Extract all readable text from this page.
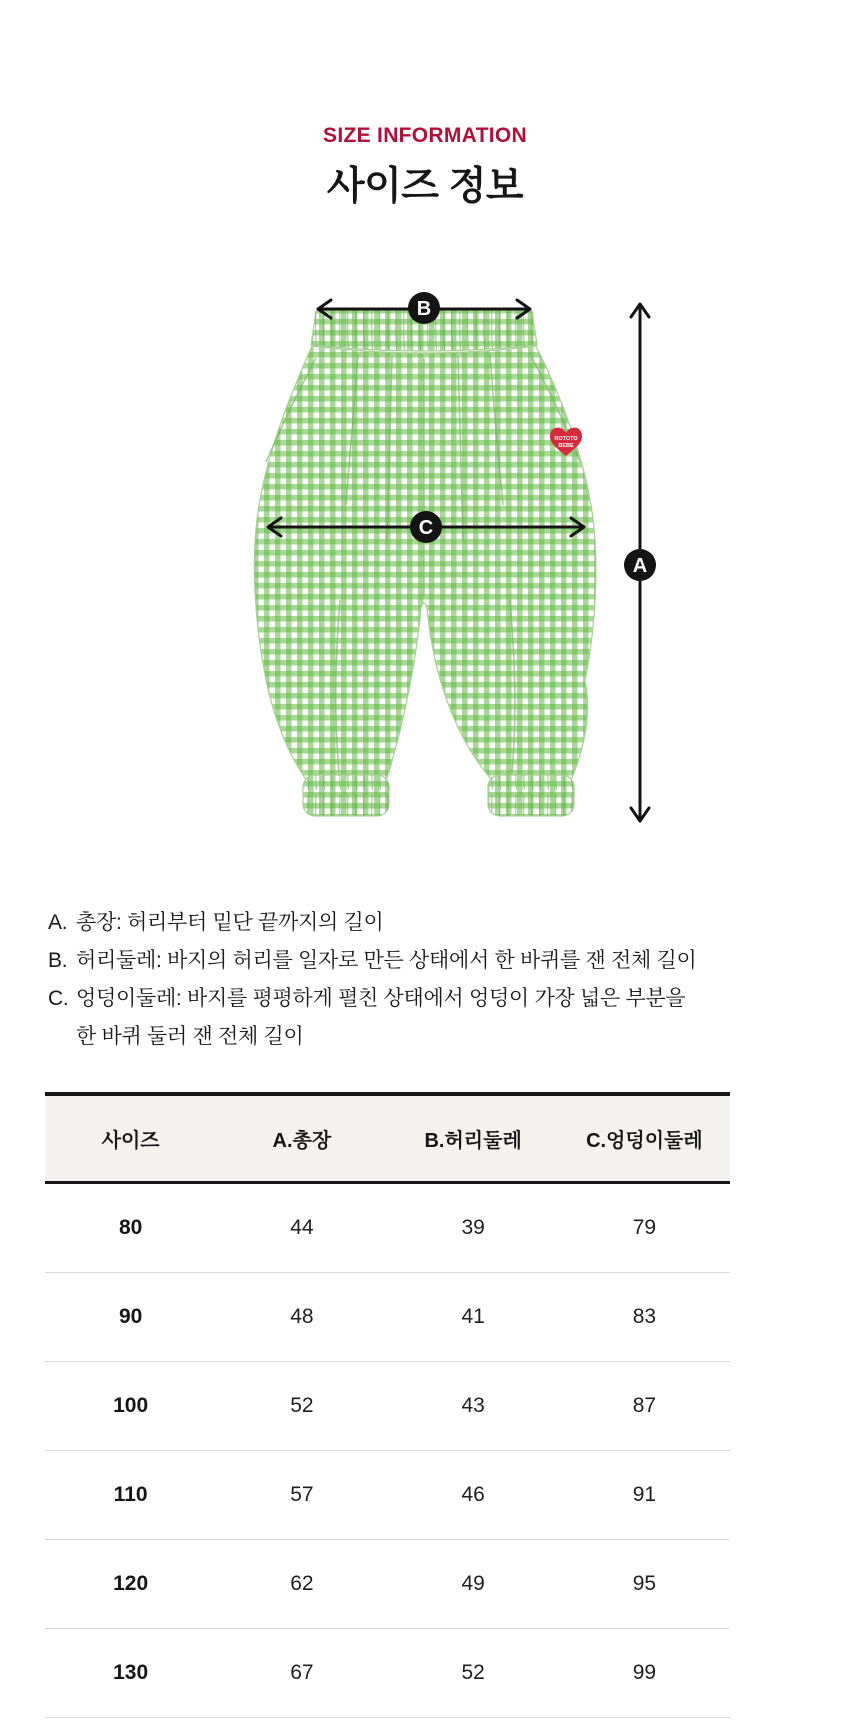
SIZE INFORMATION
사이즈 정보
ROTOTO
BEBE
B
C
A
A. 총장: 허리부터 밑단 끝까지의 길이
B. 허리둘레: 바지의 허리를 일자로 만든 상태에서 한 바퀴를 잰 전체 길이
C. 엉덩이둘레: 바지를 평평하게 펼친 상태에서 엉덩이 가장 넓은 부분을
한 바퀴 둘러 잰 전체 길이
사이즈	A.총장	B.허리둘레	C.엉덩이둘레
80	44	39	79
90	48	41	83
100	52	43	87
110	57	46	91
120	62	49	95
130	67	52	99
